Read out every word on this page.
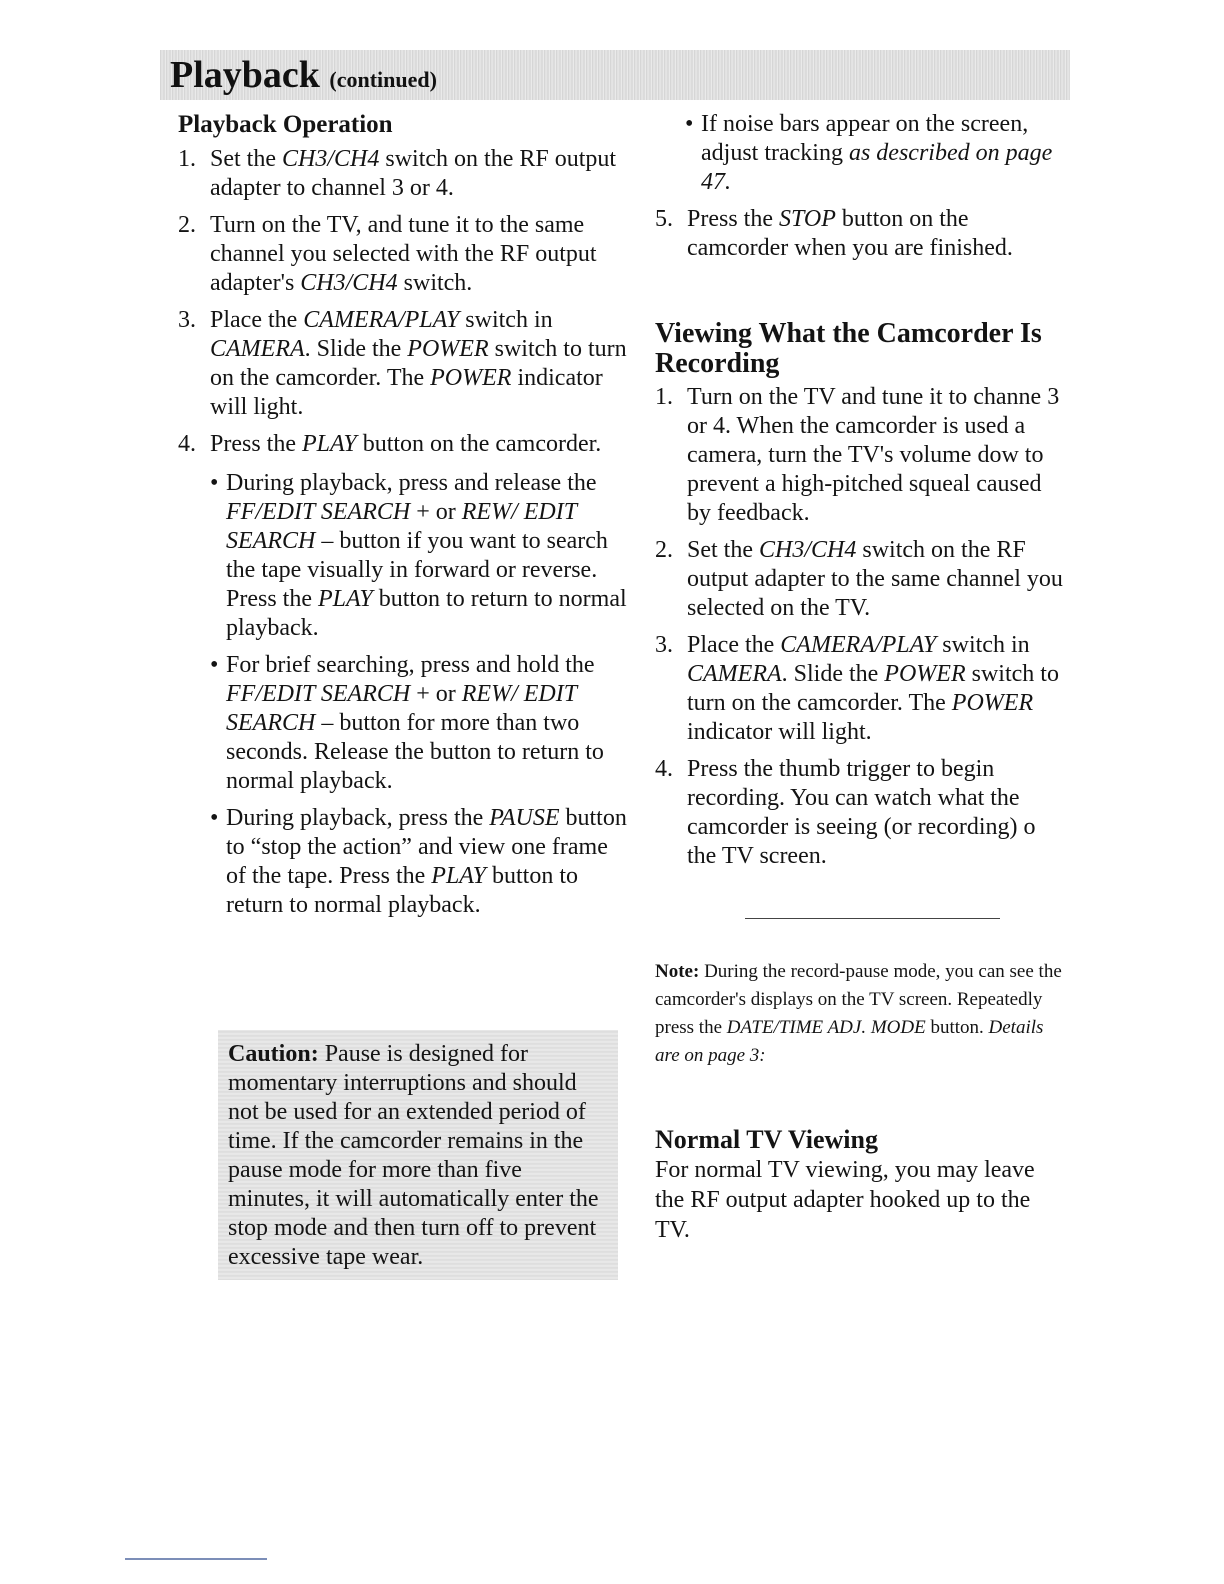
Playback (continued)
Playback Operation
1. Set the CH3/CH4 switch on the RF output adapter to channel 3 or 4.
2. Turn on the TV, and tune it to the same channel you selected with the RF output adapter's CH3/CH4 switch.
3. Place the CAMERA/PLAY switch in CAMERA. Slide the POWER switch to turn on the camcorder. The POWER indicator will light.
4. Press the PLAY button on the camcorder.
• During playback, press and release the FF/EDIT SEARCH + or REW/ EDIT SEARCH – button if you want to search the tape visually in forward or reverse. Press the PLAY button to return to normal playback.
• For brief searching, press and hold the FF/EDIT SEARCH + or REW/ EDIT SEARCH – button for more than two seconds. Release the button to return to normal playback.
• During playback, press the PAUSE button to “stop the action” and view one frame of the tape. Press the PLAY button to return to normal playback.
Caution: Pause is designed for momentary interruptions and should not be used for an extended period of time. If the camcorder remains in the pause mode for more than five minutes, it will automatically enter the stop mode and then turn off to prevent excessive tape wear.
• If noise bars appear on the screen, adjust tracking as described on page 47.
5. Press the STOP button on the camcorder when you are finished.
Viewing What the Camcorder Is Recording
1. Turn on the TV and tune it to channe 3 or 4. When the camcorder is used a camera, turn the TV's volume dow to prevent a high-pitched squeal caused by feedback.
2. Set the CH3/CH4 switch on the RF output adapter to the same channel you selected on the TV.
3. Place the CAMERA/PLAY switch in CAMERA. Slide the POWER switch to turn on the camcorder. The POWER indicator will light.
4. Press the thumb trigger to begin recording. You can watch what the camcorder is seeing (or recording) o the TV screen.
Note: During the record-pause mode, you can see the camcorder's displays on the TV screen. Repeatedly press the DATE/TIME ADJ. MODE button. Details are on page 3:
Normal TV Viewing
For normal TV viewing, you may leave the RF output adapter hooked up to the TV.
